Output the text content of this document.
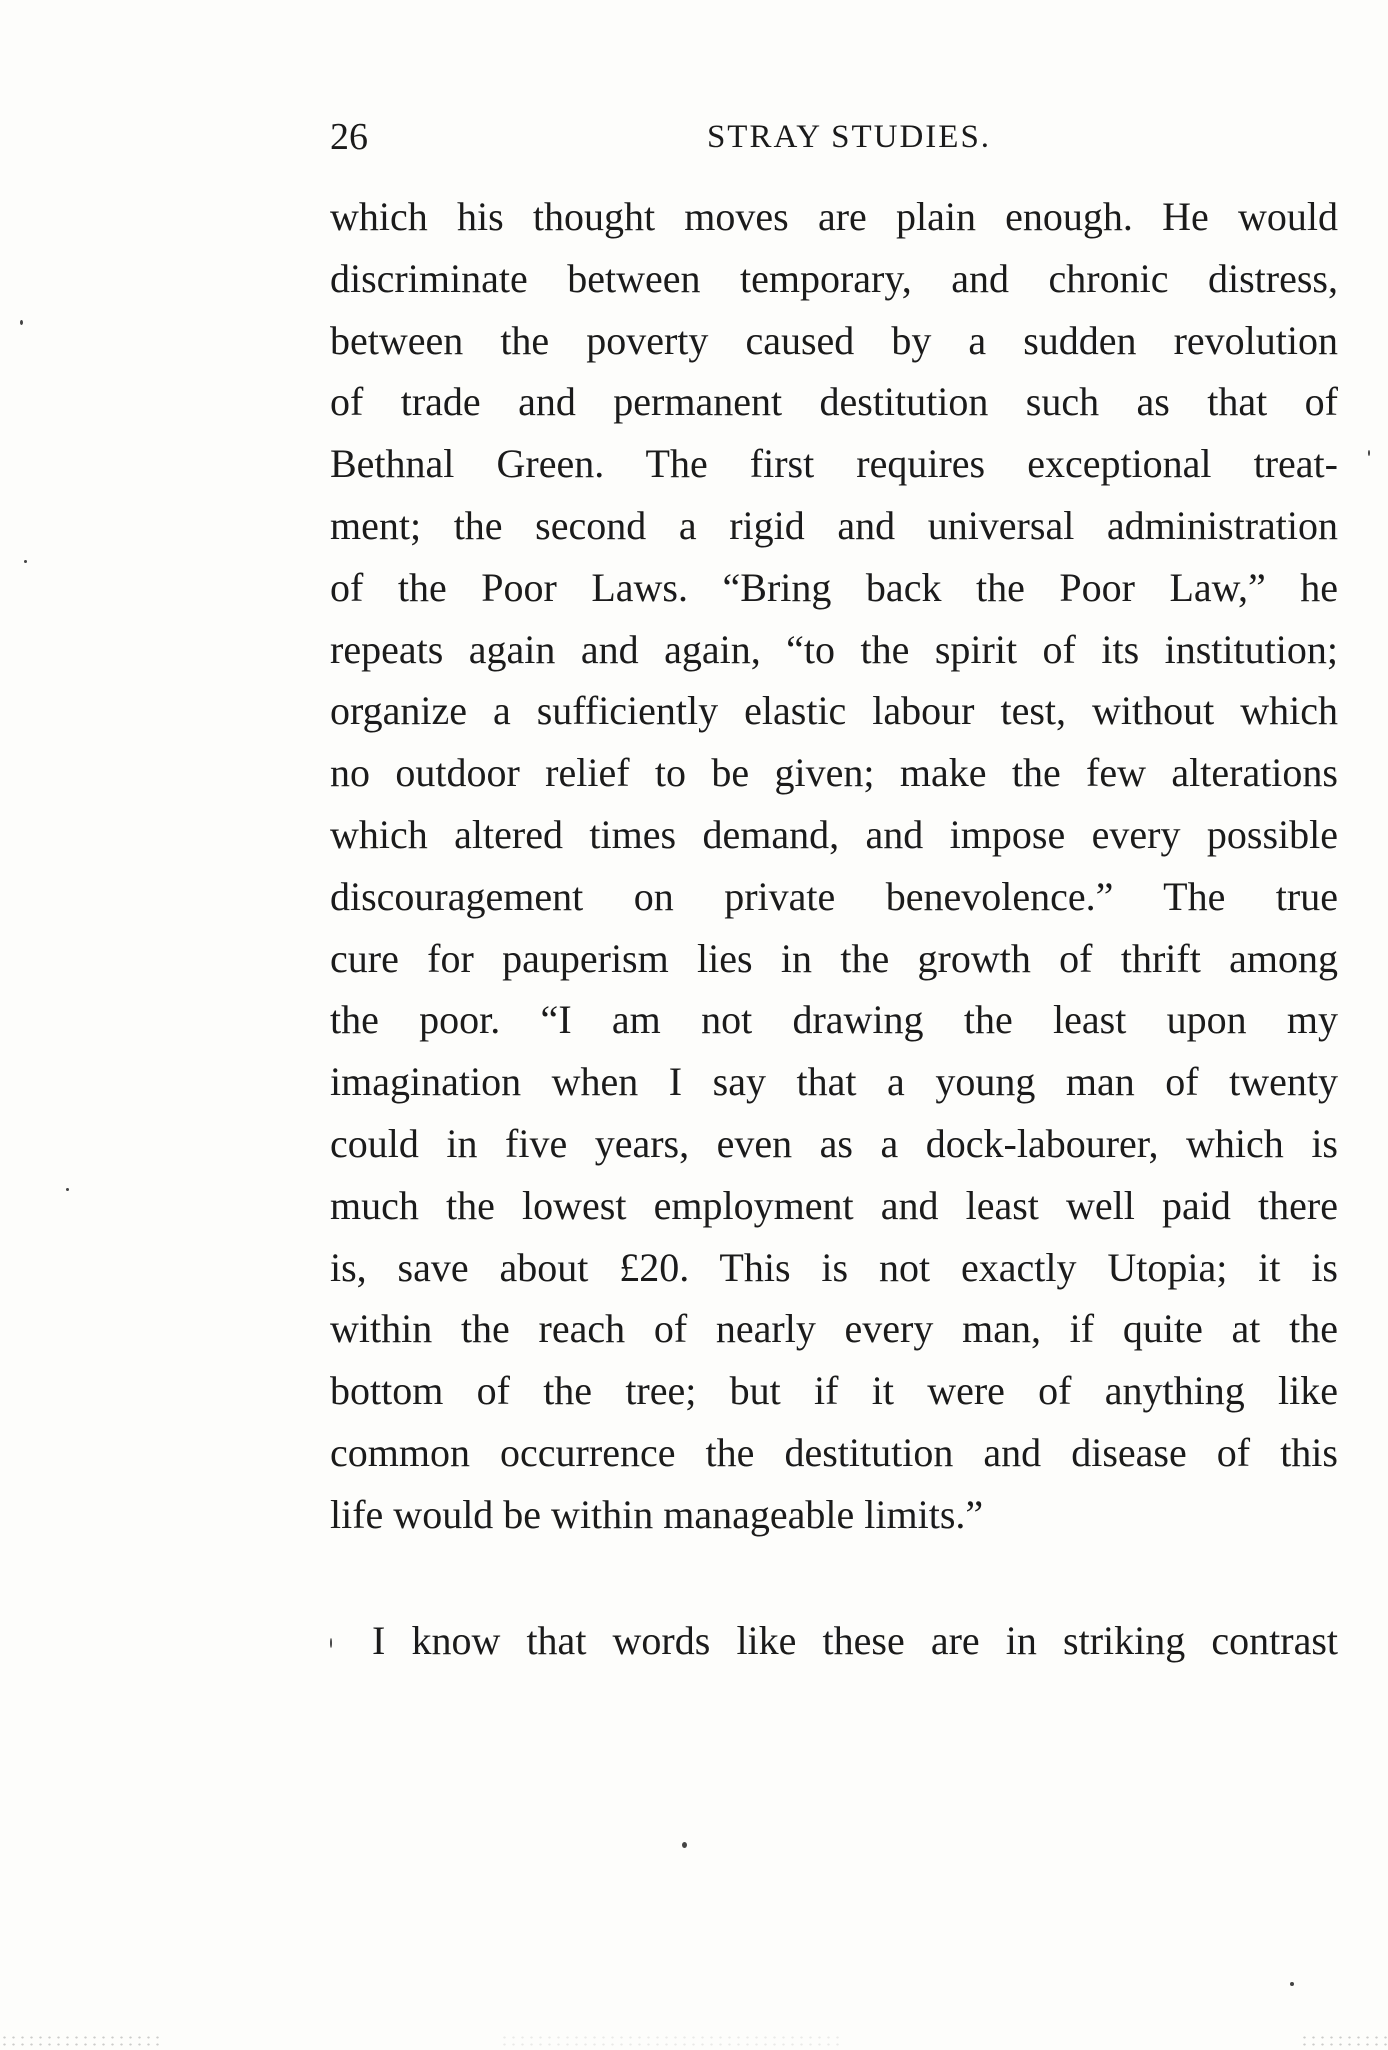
26	STRAY STUDIES.
which his thought moves are plain enough. He would
discriminate between temporary, and chronic distress,
between the poverty caused by a sudden revolution
of trade and permanent destitution such as that of
Bethnal Green. The first requires exceptional treat-
ment; the second a rigid and universal administration
of the Poor Laws. “Bring back the Poor Law,” he
repeats again and again, “to the spirit of its institution;
organize a sufficiently elastic labour test, without which
no outdoor relief to be given; make the few alterations
which altered times demand, and impose every possible
discouragement on private benevolence.” The true
cure for pauperism lies in the growth of thrift among
the poor. “I am not drawing the least upon my
imagination when I say that a young man of twenty
could in five years, even as a dock-labourer, which is
much the lowest employment and least well paid there
is, save about £20. This is not exactly Utopia; it is
within the reach of nearly every man, if quite at the
bottom of the tree; but if it were of anything like
common occurrence the destitution and disease of this
life would be within manageable limits.”
I know that words like these are in striking contrast
